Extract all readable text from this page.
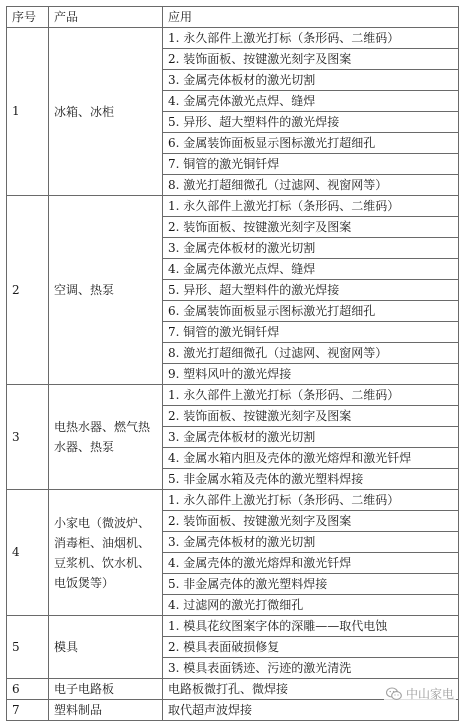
序号	产品	应用
1	冰箱、冰柜	1. 永久部件上激光打标（条形码、二维码）
		2. 装饰面板、按键激光刻字及图案
		3. 金属壳体板材的激光切割
		4. 金属壳体激光点焊、缝焊
		5. 异形、超大塑料件的激光焊接
		6. 金属装饰面板显示图标激光打超细孔
		7. 铜管的激光铜钎焊
		8. 激光打超细微孔（过滤网、视窗网等）
2	空调、热泵	1. 永久部件上激光打标（条形码、二维码）
		2. 装饰面板、按键激光刻字及图案
		3. 金属壳体板材的激光切割
		4. 金属壳体激光点焊、缝焊
		5. 异形、超大塑料件的激光焊接
		6. 金属装饰面板显示图标激光打超细孔
		7. 铜管的激光铜钎焊
		8. 激光打超细微孔（过滤网、视窗网等）
		9. 塑料风叶的激光焊接
3	电热水器、燃气热水器、热泵	1. 永久部件上激光打标（条形码、二维码）
		2. 装饰面板、按键激光刻字及图案
		3. 金属壳体板材的激光切割
		4. 金属水箱内胆及壳体的激光熔焊和激光钎焊
		5. 非金属水箱及壳体的激光塑料焊接
4	小家电（微波炉、消毒柜、油烟机、豆浆机、饮水机、电饭煲等）	1. 永久部件上激光打标（条形码、二维码）
		2. 装饰面板、按键激光刻字及图案
		3. 金属壳体板材的激光切割
		4. 金属壳体的激光熔焊和激光钎焊
		5. 非金属壳体的激光塑料焊接
		4. 过滤网的激光打微细孔
5	模具	1. 模具花纹图案字体的深雕——取代电蚀
		2. 模具表面破损修复
		3. 模具表面锈迹、污迹的激光清洗
6	电子电路板	电路板微打孔、微焊接
7	塑料制品	取代超声波焊接
中山家电
